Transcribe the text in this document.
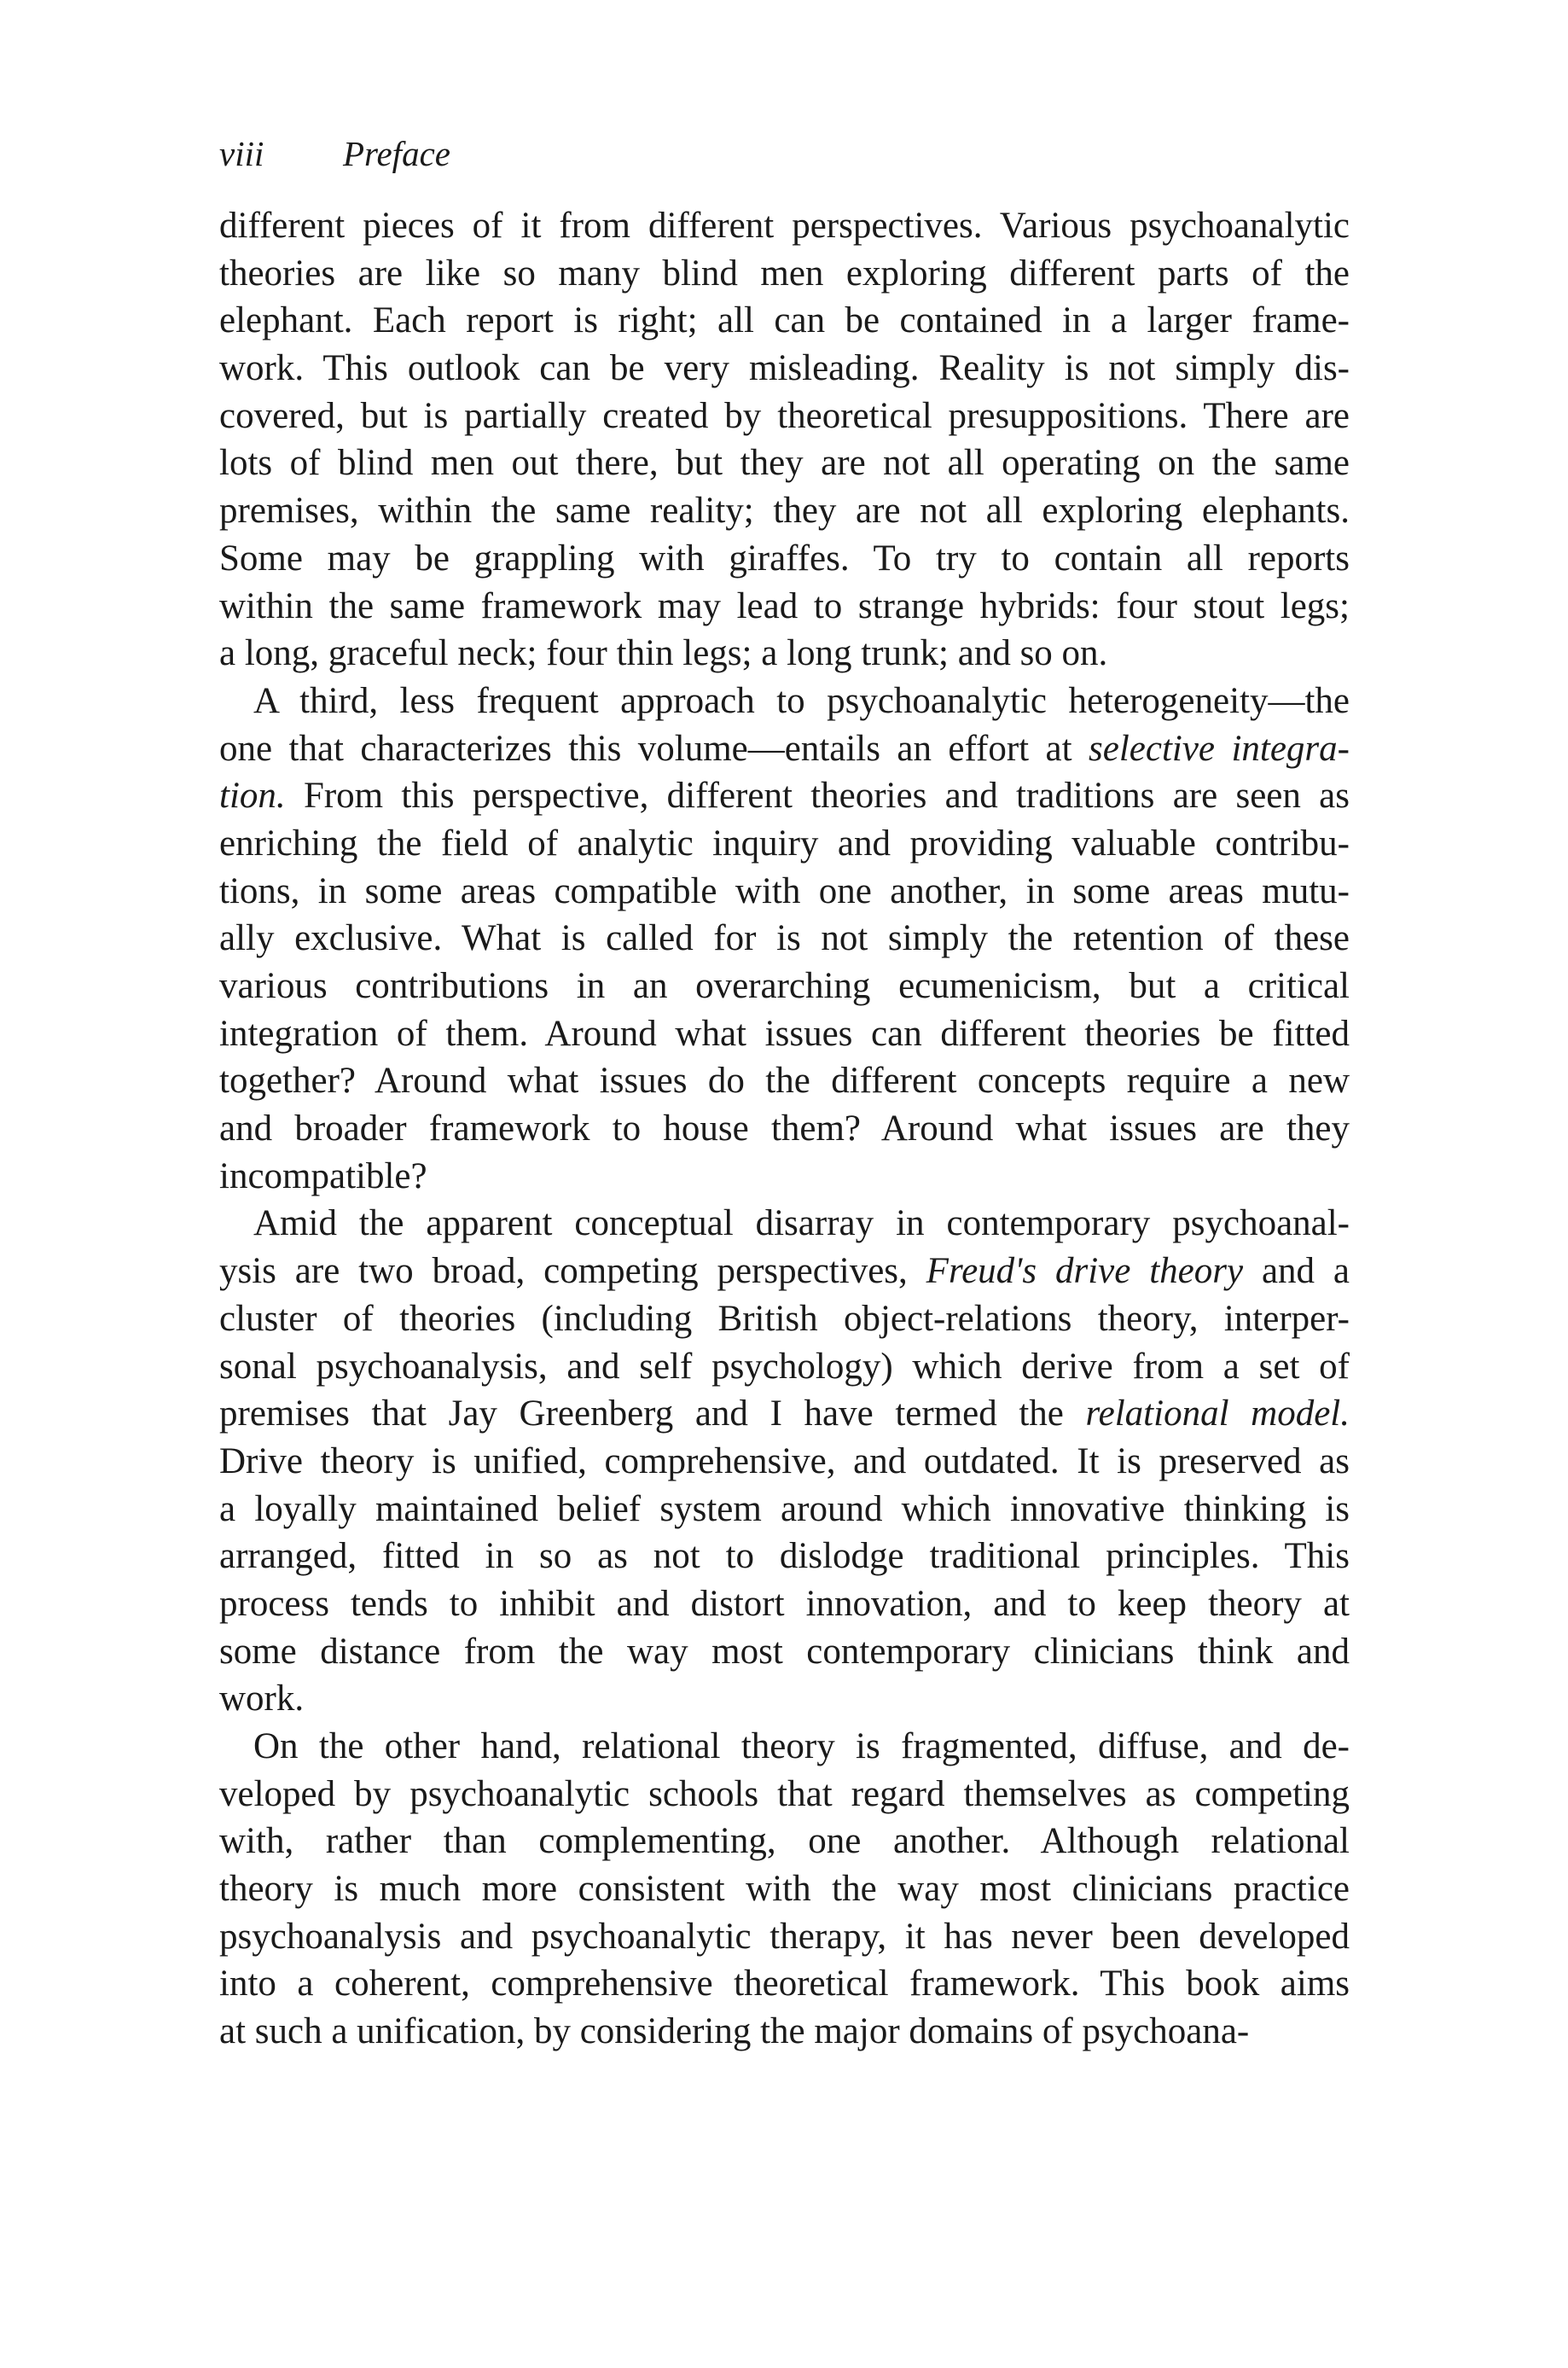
viii Preface
different pieces of it from different perspectives. Various psychoanalytic
theories are like so many blind men exploring different parts of the
elephant. Each report is right; all can be contained in a larger frame-
work. This outlook can be very misleading. Reality is not simply dis-
covered, but is partially created by theoretical presuppositions. There are
lots of blind men out there, but they are not all operating on the same
premises, within the same reality; they are not all exploring elephants.
Some may be grappling with giraffes. To try to contain all reports
within the same framework may lead to strange hybrids: four stout legs;
a long, graceful neck; four thin legs; a long trunk; and so on.
A third, less frequent approach to psychoanalytic heterogeneity—the
one that characterizes this volume—entails an effort at selective integra-
tion. From this perspective, different theories and traditions are seen as
enriching the field of analytic inquiry and providing valuable contribu-
tions, in some areas compatible with one another, in some areas mutu-
ally exclusive. What is called for is not simply the retention of these
various contributions in an overarching ecumenicism, but a critical
integration of them. Around what issues can different theories be fitted
together? Around what issues do the different concepts require a new
and broader framework to house them? Around what issues are they
incompatible?
Amid the apparent conceptual disarray in contemporary psychoanal-
ysis are two broad, competing perspectives, Freud's drive theory and a
cluster of theories (including British object-relations theory, interper-
sonal psychoanalysis, and self psychology) which derive from a set of
premises that Jay Greenberg and I have termed the relational model.
Drive theory is unified, comprehensive, and outdated. It is preserved as
a loyally maintained belief system around which innovative thinking is
arranged, fitted in so as not to dislodge traditional principles. This
process tends to inhibit and distort innovation, and to keep theory at
some distance from the way most contemporary clinicians think and
work.
On the other hand, relational theory is fragmented, diffuse, and de-
veloped by psychoanalytic schools that regard themselves as competing
with, rather than complementing, one another. Although relational
theory is much more consistent with the way most clinicians practice
psychoanalysis and psychoanalytic therapy, it has never been developed
into a coherent, comprehensive theoretical framework. This book aims
at such a unification, by considering the major domains of psychoana-
